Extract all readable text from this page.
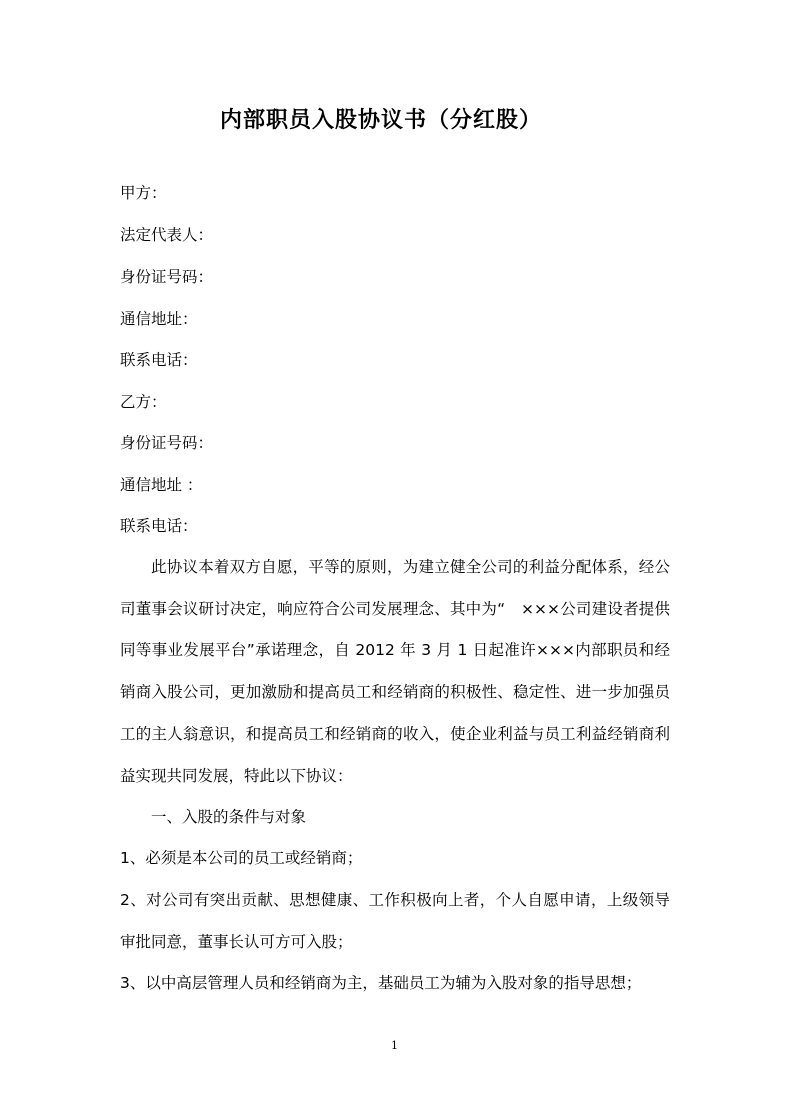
内部职员入股协议书（分红股）
甲方：
法定代表人：
身份证号码：
通信地址：
联系电话：
乙方：
身份证号码：
通信地址 ：
联系电话：

此协议本着双方自愿，平等的原则，为建立健全公司的利益分配体系，经公司董事会议研讨决定，响应符合公司发展理念、其中为“　×××公司建设者提供同等事业发展平台”承诺理念，自 2012 年 3 月 1 日起准许×××内部职员和经销商入股公司，更加激励和提高员工和经销商的积极性、稳定性、进一步加强员工的主人翁意识，和提高员工和经销商的收入，使企业利益与员工利益经销商利益实现共同发展，特此以下协议：

一、入股的条件与对象

1、必须是本公司的员工或经销商；

2、对公司有突出贡献、思想健康、工作积极向上者，个人自愿申请，上级领导审批同意，董事长认可方可入股；

3、以中高层管理人员和经销商为主，基础员工为辅为入股对象的指导思想；

1
